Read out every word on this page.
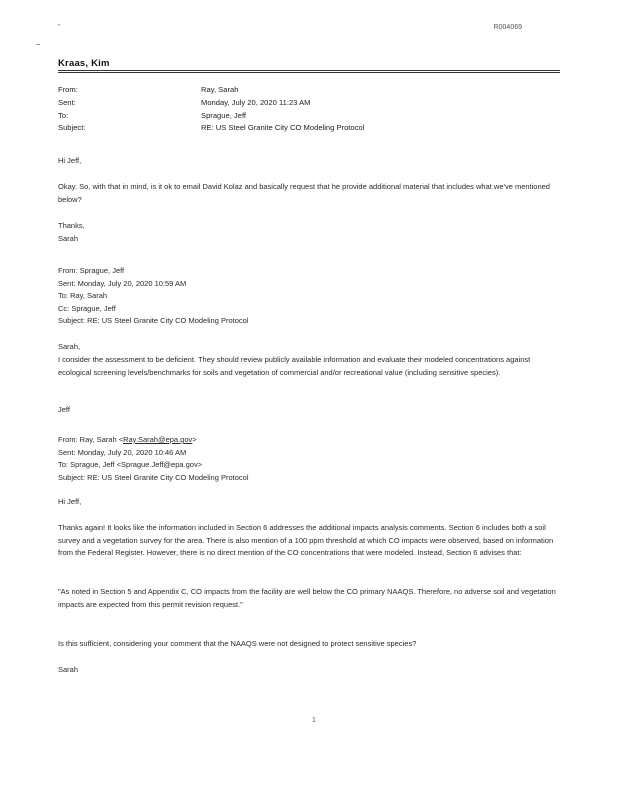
"	R004069
Kraas, Kim
From:	Ray, Sarah
Sent:	Monday, July 20, 2020 11:23 AM
To:	Sprague, Jeff
Subject:	RE: US Steel Granite City CO Modeling Protocol
Hi Jeff,
Okay. So, with that in mind, is it ok to email David Kolaz and basically request that he provide additional material that includes what we've mentioned below?
Thanks,
Sarah

From: Sprague, Jeff

Sent: Monday, July 20, 2020 10:59 AM

To: Ray, Sarah

Cc: Sprague, Jeff

Subject: RE: US Steel Granite City CO Modeling Protocol

Sarah,
I consider the assessment to be deficient. They should review publicly available information and evaluate their modeled concentrations against ecological screening levels/benchmarks for soils and vegetation of commercial and/or recreational value (including sensitive species).
Jeff

From: Ray, Sarah <Ray.Sarah@epa.gov>

Sent: Monday, July 20, 2020 10:46 AM

To: Sprague, Jeff <Sprague.Jeff@epa.gov>

Subject: RE: US Steel Granite City CO Modeling Protocol

Hi Jeff,
Thanks again! It looks like the information included in Section 6 addresses the additional impacts analysis comments. Section 6 includes both a soil survey and a vegetation survey for the area. There is also mention of a 100 ppm threshold at which CO impacts were observed, based on information from the Federal Register. However, there is no direct mention of the CO concentrations that were modeled. Instead, Section 6 advises that:
"As noted in Section 5 and Appendix C, CO impacts from the facility are well below the CO primary NAAQS. Therefore, no adverse soil and vegetation impacts are expected from this permit revision request."
Is this sufficient, considering your comment that the NAAQS were not designed to protect sensitive species?
Sarah
1
